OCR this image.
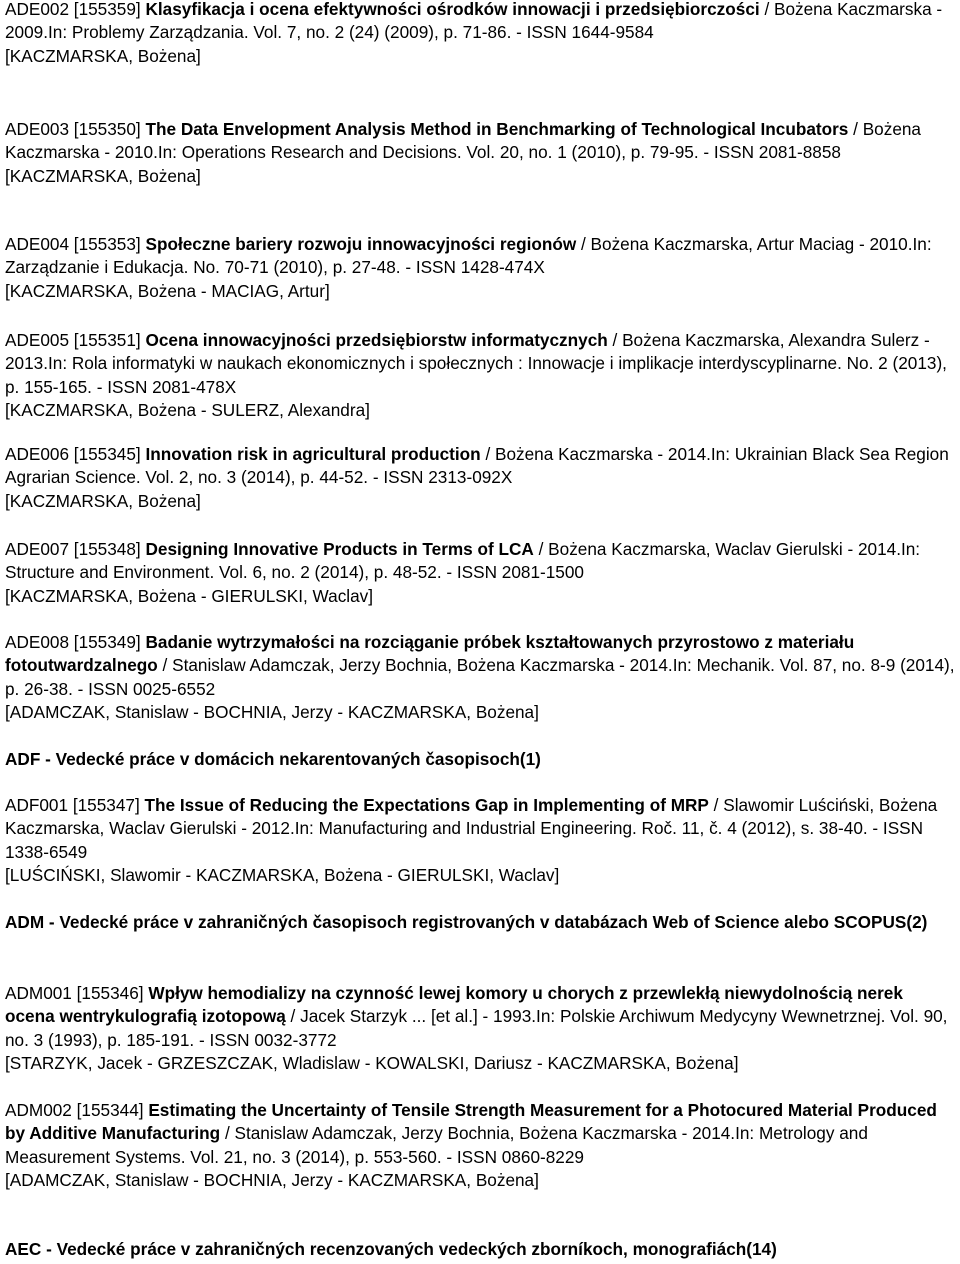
ADE002 [155359] Klasyfikacja i ocena efektywności ośrodków innowacji i przedsiębiorczości / Bożena Kaczmarska - 2009.In: Problemy Zarządzania. Vol. 7, no. 2 (24) (2009), p. 71-86. - ISSN 1644-9584

[KACZMARSKA, Bożena]

ADE003 [155350] The Data Envelopment Analysis Method in Benchmarking of Technological Incubators / Bożena Kaczmarska - 2010.In: Operations Research and Decisions. Vol. 20, no. 1 (2010), p. 79-95. - ISSN 2081-8858

[KACZMARSKA, Bożena]

ADE004 [155353] Społeczne bariery rozwoju innowacyjności regionów / Bożena Kaczmarska, Artur Maciag - 2010.In: Zarządzanie i Edukacja. No. 70-71 (2010), p. 27-48. - ISSN 1428-474X

[KACZMARSKA, Bożena - MACIAG, Artur]

ADE005 [155351] Ocena innowacyjności przedsiębiorstw informatycznych / Bożena Kaczmarska, Alexandra Sulerz - 2013.In: Rola informatyki w naukach ekonomicznych i społecznych : Innowacje i implikacje interdyscyplinarne. No. 2 (2013), p. 155-165. - ISSN 2081-478X

[KACZMARSKA, Bożena - SULERZ, Alexandra]

ADE006 [155345] Innovation risk in agricultural production / Bożena Kaczmarska - 2014.In: Ukrainian Black Sea Region Agrarian Science. Vol. 2, no. 3 (2014), p. 44-52. - ISSN 2313-092X

[KACZMARSKA, Bożena]

ADE007 [155348] Designing Innovative Products in Terms of LCA / Bożena Kaczmarska, Waclav Gierulski - 2014.In: Structure and Environment. Vol. 6, no. 2 (2014), p. 48-52. - ISSN 2081-1500

[KACZMARSKA, Bożena - GIERULSKI, Waclav]

ADE008 [155349] Badanie wytrzymałości na rozciąganie próbek kształtowanych przyrostowo z materiału fotoutwardzalnego / Stanislaw Adamczak, Jerzy Bochnia, Bożena Kaczmarska - 2014.In: Mechanik. Vol. 87, no. 8-9 (2014), p. 26-38. - ISSN 0025-6552

[ADAMCZAK, Stanislaw - BOCHNIA, Jerzy - KACZMARSKA, Bożena]

ADF - Vedecké práce v domácich nekarentovaných časopisoch(1)

ADF001 [155347] The Issue of Reducing the Expectations Gap in Implementing of MRP / Slawomir Luściński, Bożena Kaczmarska, Waclav Gierulski - 2012.In: Manufacturing and Industrial Engineering. Roč. 11, č. 4 (2012), s. 38-40. - ISSN 1338-6549

[LUŚCIŃSKI, Slawomir - KACZMARSKA, Bożena - GIERULSKI, Waclav]

ADM - Vedecké práce v zahraničných časopisoch registrovaných v databázach Web of Science alebo SCOPUS(2)

ADM001 [155346] Wpływ hemodializy na czynność lewej komory u chorych z przewlekłą niewydolnością nerek ocena wentrykulografią izotopową / Jacek Starzyk ... [et al.] - 1993.In: Polskie Archiwum Medycyny Wewnetrznej. Vol. 90, no. 3 (1993), p. 185-191. - ISSN 0032-3772

[STARZYK, Jacek - GRZESZCZAK, Wladislaw - KOWALSKI, Dariusz - KACZMARSKA, Bożena]

ADM002 [155344] Estimating the Uncertainty of Tensile Strength Measurement for a Photocured Material Produced by Additive Manufacturing / Stanislaw Adamczak, Jerzy Bochnia, Bożena Kaczmarska - 2014.In: Metrology and Measurement Systems. Vol. 21, no. 3 (2014), p. 553-560. - ISSN 0860-8229

[ADAMCZAK, Stanislaw - BOCHNIA, Jerzy - KACZMARSKA, Bożena]

AEC - Vedecké práce v zahraničných recenzovaných vedeckých zborníkoch, monografiách(14)
